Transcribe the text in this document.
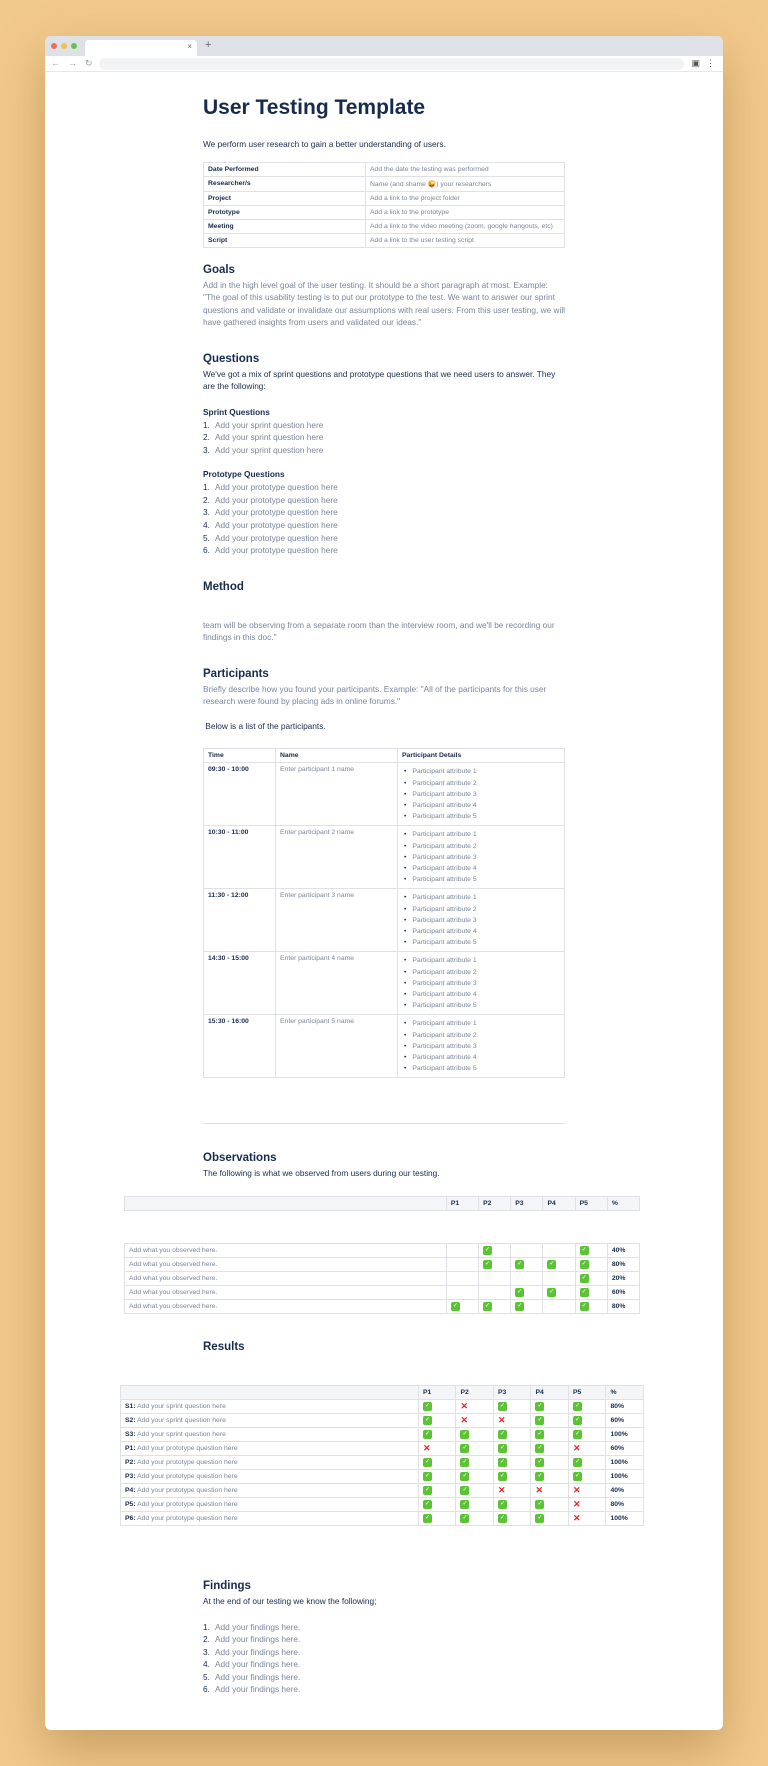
× +
← → ↻	▣ ⋮
User Testing Template

We perform user research to gain a better understanding of users.

Date Performed	Add the date the testing was performed
Researcher/s	Name (and shame 😜) your researchers
Project	Add a link to the project folder
Prototype	Add a link to the prototype
Meeting	Add a link to the video meeting (zoom, google hangouts, etc)
Script	Add a link to the user testing script
Goals

Add in the high level goal of the user testing. It should be a short paragraph at most. Example: "The goal of this usability testing is to put our prototype to the test. We want to answer our sprint questions and validate or invalidate our assumptions with real users. From this user testing, we will have gathered insights from users and validated our ideas."

Questions

We've got a mix of sprint questions and prototype questions that we need users to answer. They are the following:

Sprint Questions
1. Add your sprint question here
2. Add your sprint question here
3. Add your sprint question here
Prototype Questions
1. Add your prototype question here
2. Add your prototype question here
3. Add your prototype question here
4. Add your prototype question here
5. Add your prototype question here
6. Add your prototype question here
Method

team will be observing from a separate room than the interview room, and we'll be recording our findings in this doc."

Participants

Briefly describe how you found your participants. Example: "All of the participants for this user research were found by placing ads in online forums."

Below is a list of the participants.

Time	Name	Participant Details
09:30 - 10:00	Enter participant 1 name	
•Participant attribute 1
• Participant attribute 2
• Participant attribute 3
• Participant attribute 4
• Participant attribute 5

10:30 - 11:00	Enter participant 2 name	
•Participant attribute 1
• Participant attribute 2
• Participant attribute 3
• Participant attribute 4
• Participant attribute 5

11:30 - 12:00	Enter participant 3 name	
•Participant attribute 1
• Participant attribute 2
• Participant attribute 3
• Participant attribute 4
• Participant attribute 5

14:30 - 15:00	Enter participant 4 name	
•Participant attribute 1
• Participant attribute 2
• Participant attribute 3
• Participant attribute 4
• Participant attribute 5

15:30 - 16:00	Enter participant 5 name	
•Participant attribute 1
• Participant attribute 2
• Participant attribute 3
• Participant attribute 4
• Participant attribute 5
Observations

The following is what we observed from users during our testing.

	P1	P2	P3	P4	P5	%
Add what you observed here.		✓			✓	40%
Add what you observed here.		✓	✓	✓	✓	80%
Add what you observed here.					✓	20%
Add what you observed here.			✓	✓	✓	60%
Add what you observed here.	✓	✓	✓		✓	80%
Results
	P1	P2	P3	P4	P5	%
S1: Add your sprint question here	✓	✕	✓	✓	✓	80%
S2: Add your sprint question here	✓	✕	✕	✓	✓	60%
S3: Add your sprint question here	✓	✓	✓	✓	✓	100%
P1: Add your prototype question here	✕	✓	✓	✓	✕	60%
P2: Add your prototype question here	✓	✓	✓	✓	✓	100%
P3: Add your prototype question here	✓	✓	✓	✓	✓	100%
P4: Add your prototype question here	✓	✓	✕	✕	✕	40%
P5: Add your prototype question here	✓	✓	✓	✓	✕	80%
P6: Add your prototype question here	✓	✓	✓	✓	✕	100%
Findings

At the end of our testing we know the following;

1. Add your findings here.
2. Add your findings here.
3. Add your findings here.
4. Add your findings here.
5. Add your findings here.
6. Add your findings here.
